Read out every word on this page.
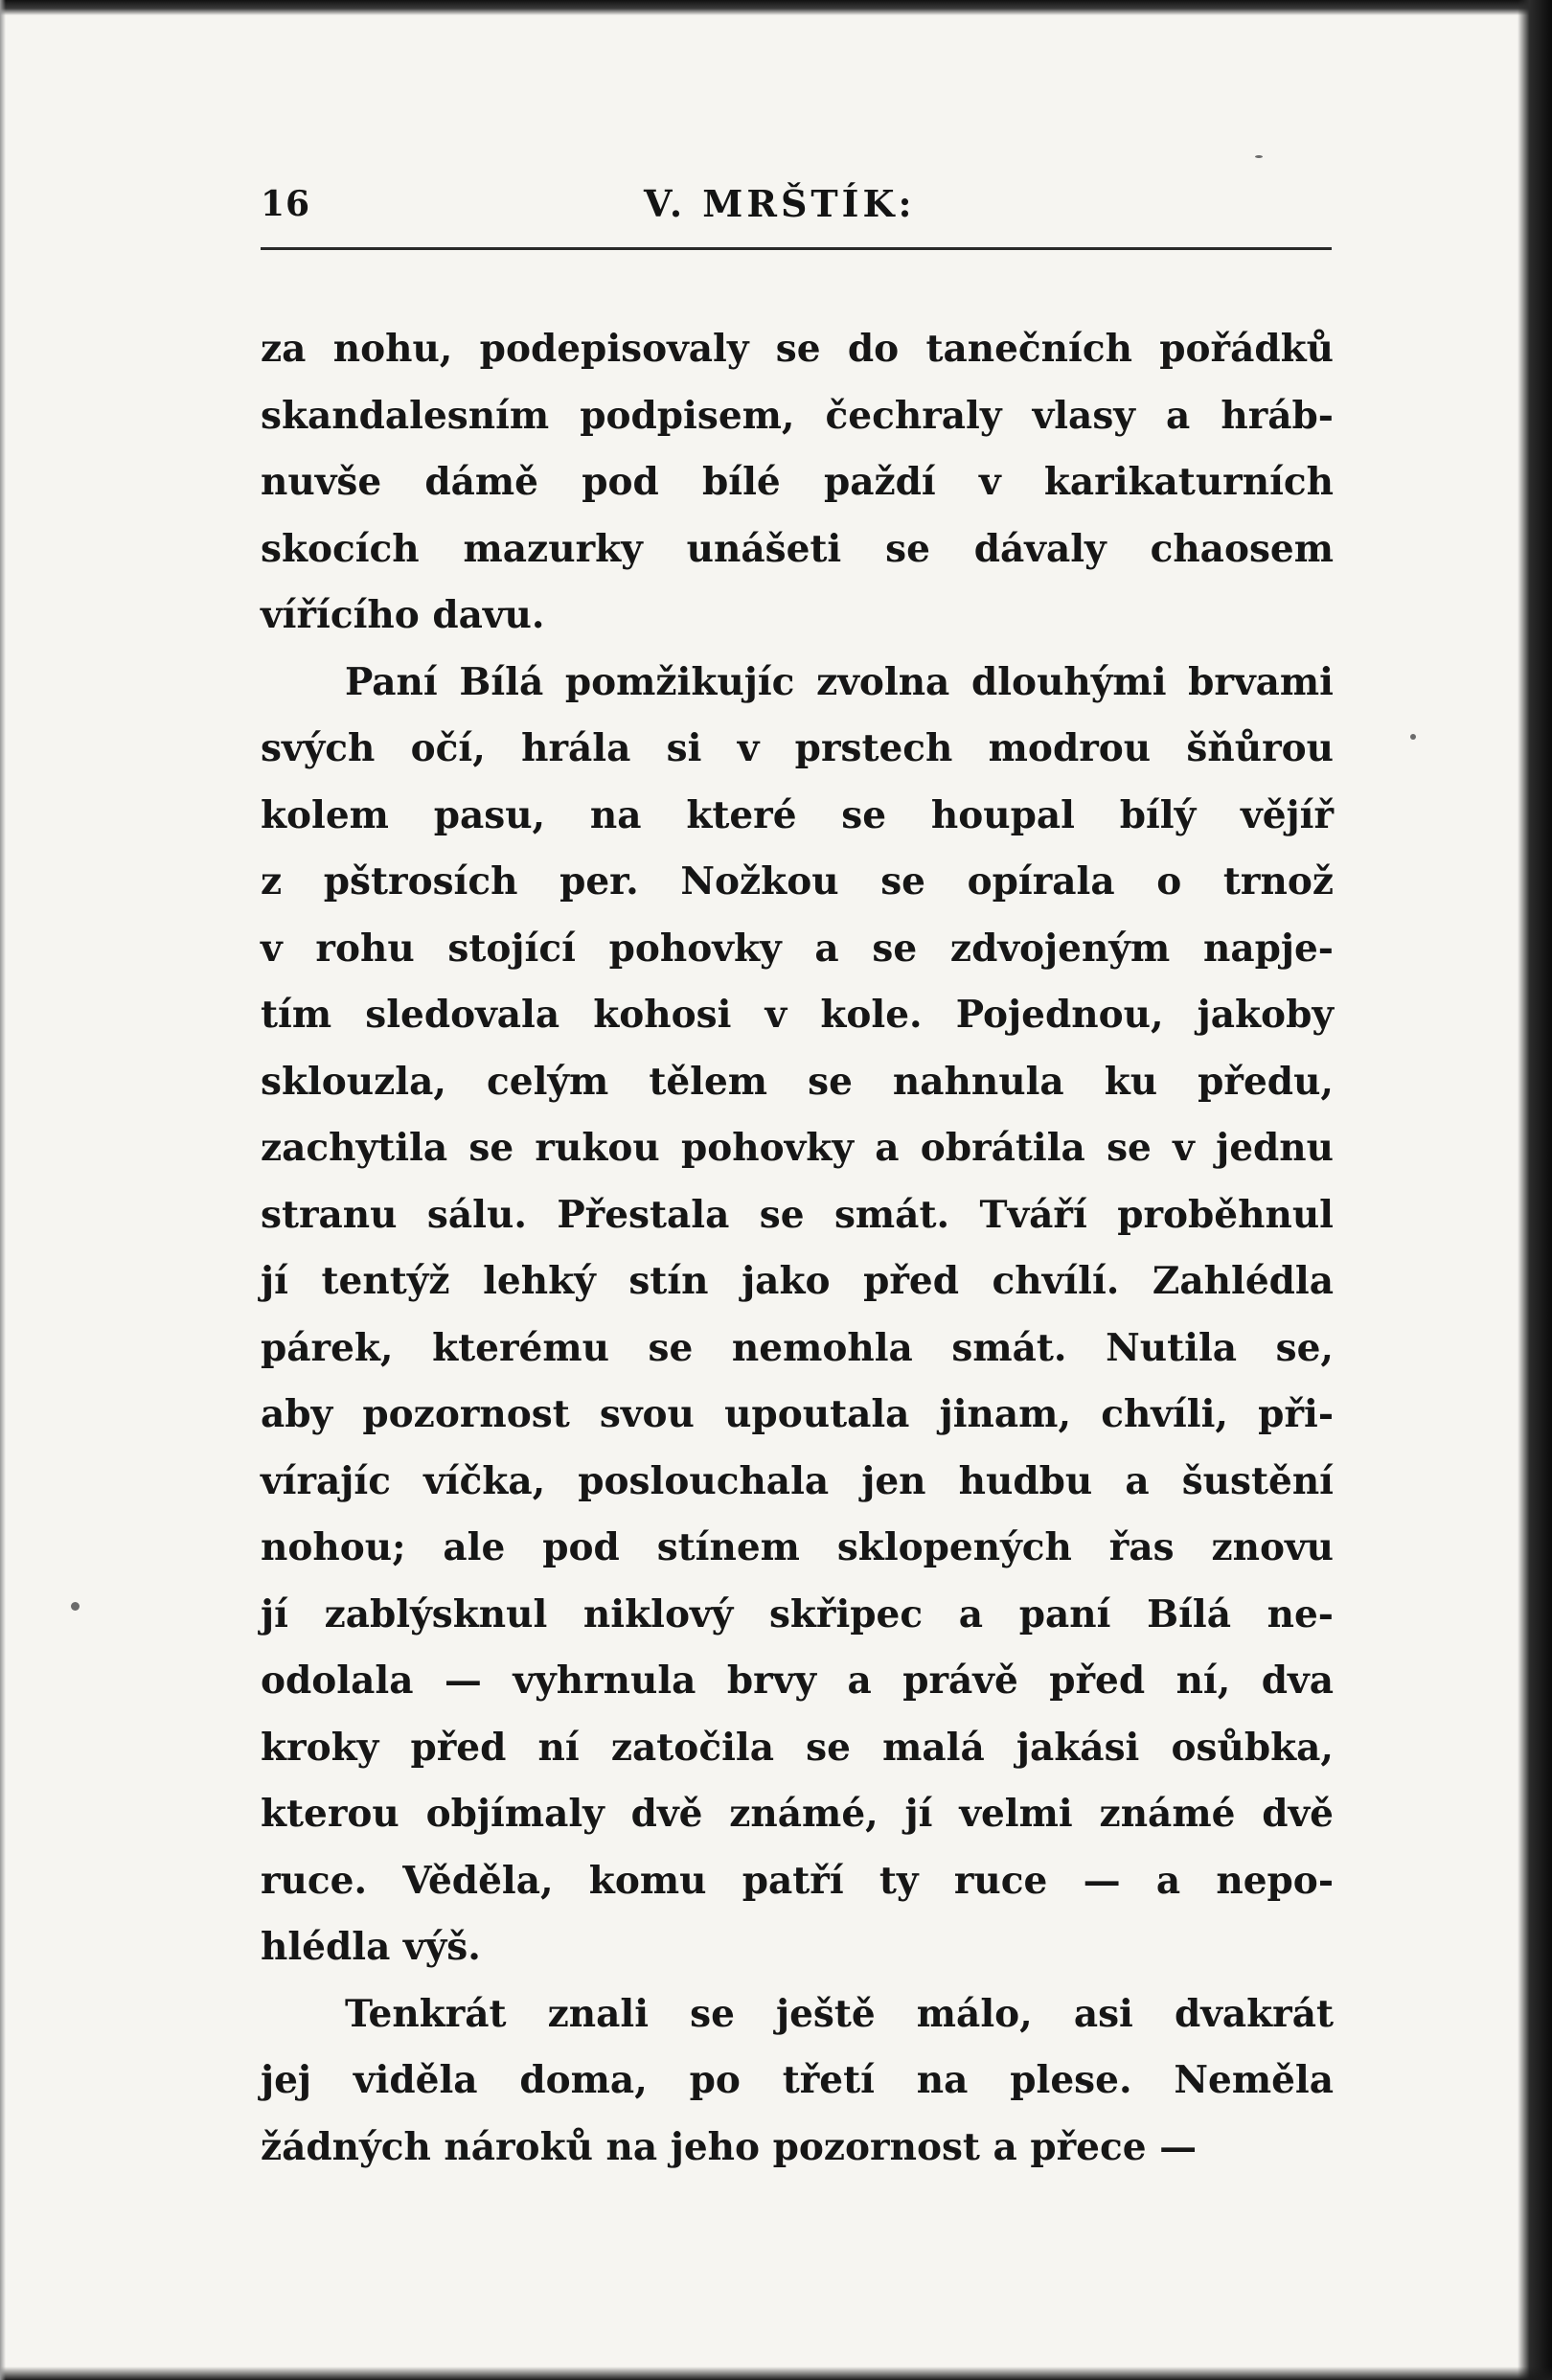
16	V. MRŠTÍK:
za nohu, podepisovaly se do tanečních pořádků
skandalesním podpisem, čechraly vlasy a hráb-
nuvše dámě pod bílé paždí v karikaturních
skocích mazurky unášeti se dávaly chaosem
vířícího davu.
Paní Bílá pomžikujíc zvolna dlouhými brvami
svých očí, hrála si v prstech modrou šňůrou
kolem pasu, na které se houpal bílý vějíř
z pštrosích per. Nožkou se opírala o trnož
v rohu stojící pohovky a se zdvojeným napje-
tím sledovala kohosi v kole. Pojednou, jakoby
sklouzla, celým tělem se nahnula ku předu,
zachytila se rukou pohovky a obrátila se v jednu
stranu sálu. Přestala se smát. Tváří proběhnul
jí tentýž lehký stín jako před chvílí. Zahlédla
párek, kterému se nemohla smát. Nutila se,
aby pozornost svou upoutala jinam, chvíli, při-
vírajíc víčka, poslouchala jen hudbu a šustění
nohou; ale pod stínem sklopených řas znovu
jí zablýsknul niklový skřipec a paní Bílá ne-
odolala — vyhrnula brvy a právě před ní, dva
kroky před ní zatočila se malá jakási osůbka,
kterou objímaly dvě známé, jí velmi známé dvě
ruce. Věděla, komu patří ty ruce — a nepo-
hlédla výš.
Tenkrát znali se ještě málo, asi dvakrát
jej viděla doma, po třetí na plese. Neměla
žádných nároků na jeho pozornost a přece —
